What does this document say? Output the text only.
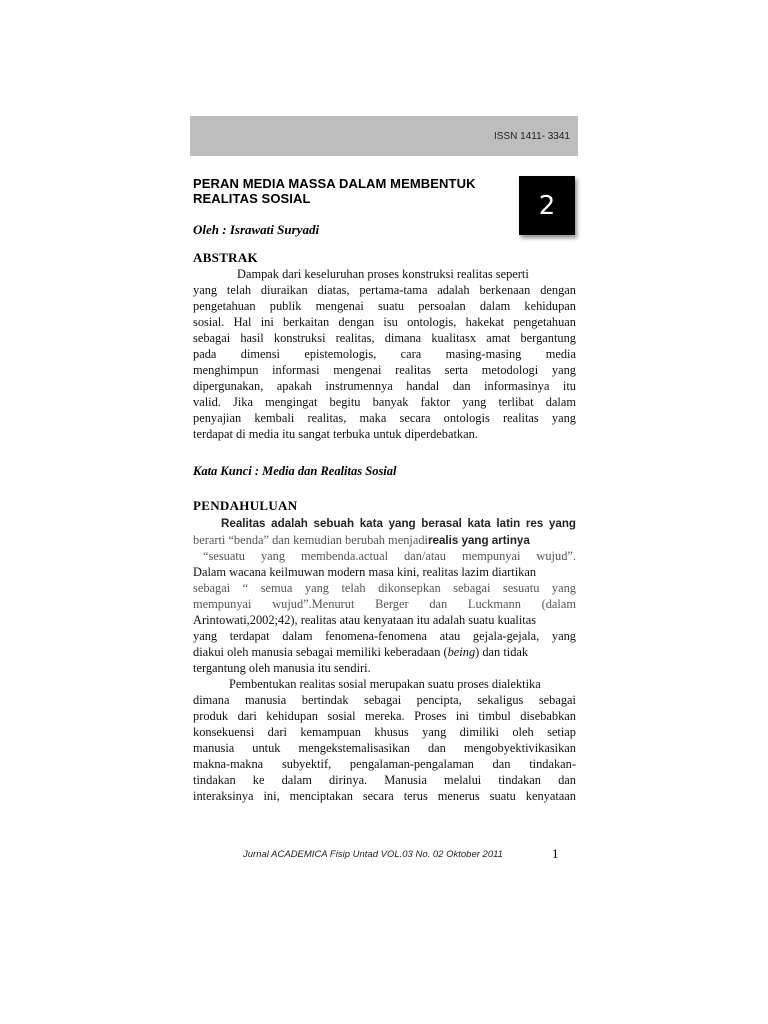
ISSN 1411- 3341
PERAN MEDIA MASSA DALAM MEMBENTUK
REALITAS SOSIAL	2
Oleh : Israwati Suryadi
ABSTRAK
Dampak dari keseluruhan proses konstruksi realitas seperti
yang telah diuraikan diatas, pertama-tama adalah berkenaan dengan
pengetahuan publik mengenai suatu persoalan dalam kehidupan
sosial. Hal ini berkaitan dengan isu ontologis, hakekat pengetahuan
sebagai hasil konstruksi realitas, dimana kualitasx amat bergantung
pada dimensi epistemologis, cara masing-masing media
menghimpun informasi mengenai realitas serta metodologi yang
dipergunakan, apakah instrumennya handal dan informasinya itu
valid. Jika mengingat begitu banyak faktor yang terlibat dalam
penyajian kembali realitas, maka secara ontologis realitas yang
terdapat di media itu sangat terbuka untuk diperdebatkan.
Kata Kunci : Media dan Realitas Sosial
PENDAHULUAN
Realitas adalah sebuah kata yang berasal kata latin res yang
berarti “benda” dan kemudian berubah menjadirealis yang artinya
“sesuatu yang membenda.actual dan/atau mempunyai wujud”.
Dalam wacana keilmuwan modern masa kini, realitas lazim diartikan
sebagai “ semua yang telah dikonsepkan sebagai sesuatu yang
mempunyai wujud”.Menurut Berger dan Luckmann (dalam
Arintowati,2002;42), realitas atau kenyataan itu adalah suatu kualitas
yang terdapat dalam fenomena-fenomena atau gejala-gejala, yang
diakui oleh manusia sebagai memiliki keberadaan (being) dan tidak
tergantung oleh manusia itu sendiri.
Pembentukan realitas sosial merupakan suatu proses dialektika
dimana manusia bertindak sebagai pencipta, sekaligus sebagai
produk dari kehidupan sosial mereka. Proses ini timbul disebabkan
konsekuensi dari kemampuan khusus yang dimiliki oleh setiap
manusia untuk mengekstemalisasikan dan mengobyektivikasikan
makna-makna subyektif, pengalaman-pengalaman dan tindakan-
tindakan ke dalam dirinya. Manusia melalui tindakan dan
interaksinya ini, menciptakan secara terus menerus suatu kenyataan
Jurnal ACADEMICA Fisip Untad VOL.03 No. 02 Oktober 2011	1
